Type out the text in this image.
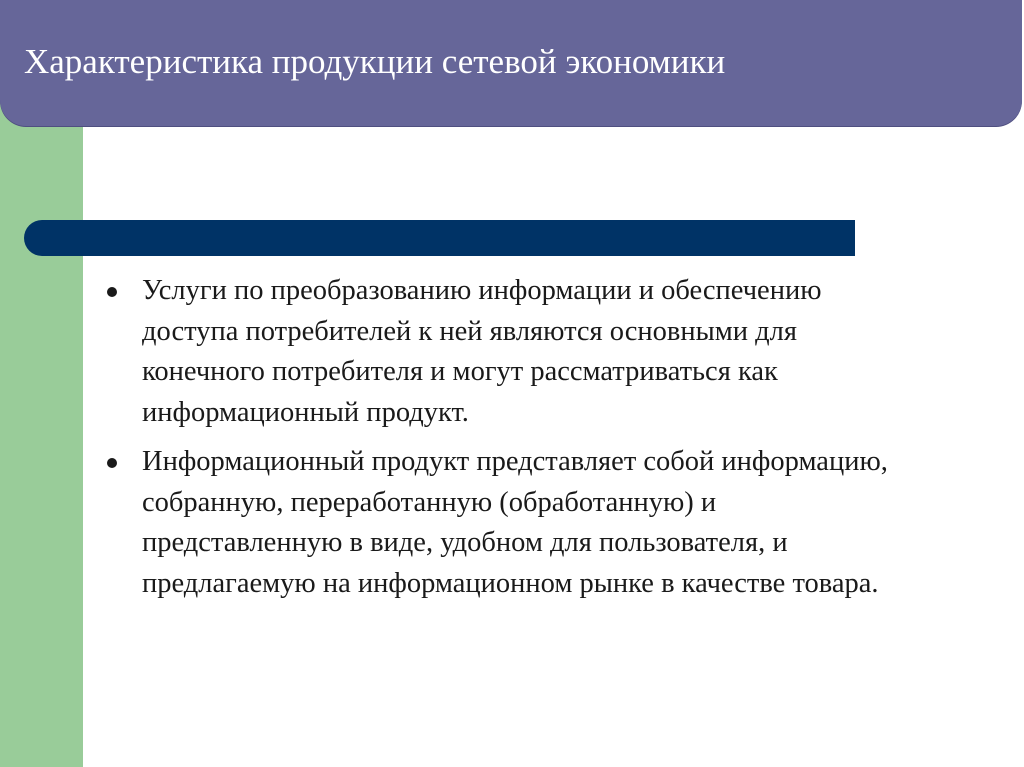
Характеристика продукции сетевой экономики
Услуги по преобразованию информации и обеспечению доступа потребителей к ней являются основными для конечного потребителя и могут рассматриваться как информационный продукт.
Информационный продукт представляет собой информацию, собранную, переработанную (обработанную) и представленную в виде, удобном для пользователя, и предлагаемую на информационном рынке в качестве товара.
